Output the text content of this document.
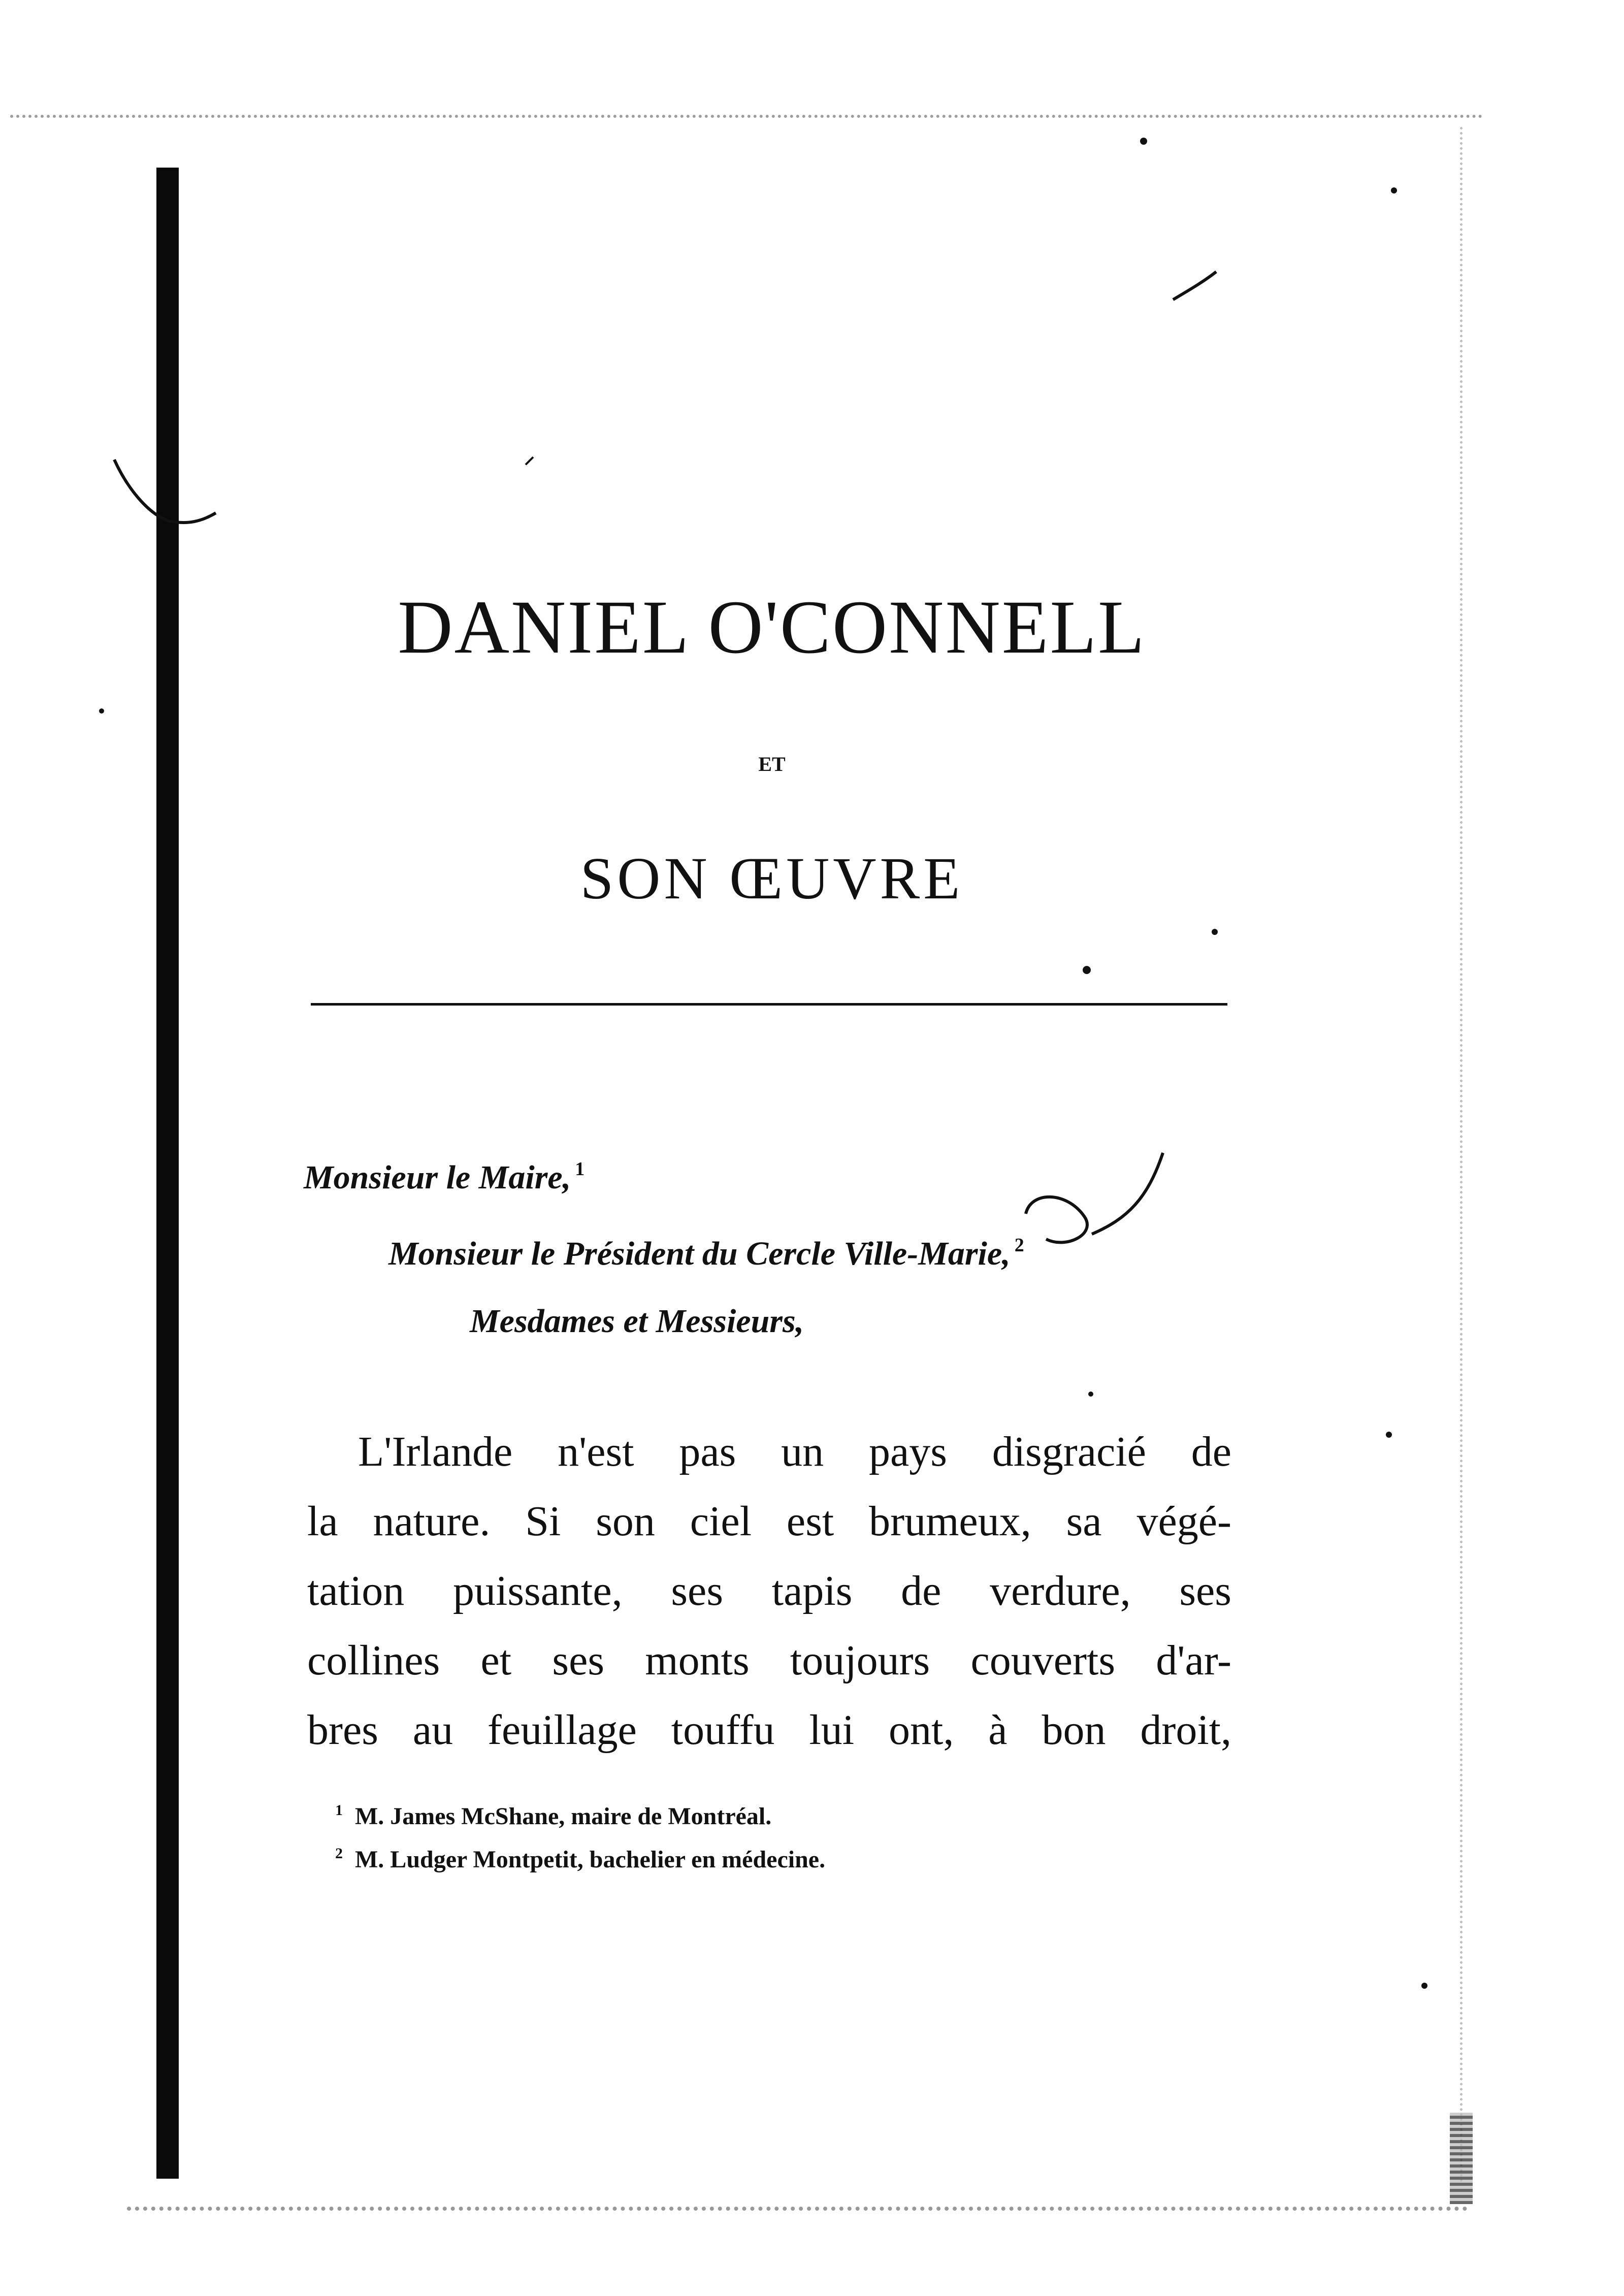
DANIEL O'CONNELL
ET
SON ŒUVRE
Monsieur le Maire, $^1$
Monsieur le Président du Cercle Ville-Marie, $^2$
Mesdames et Messieurs,

L'Irlande n'est pas un pays disgracié de
la nature. Si son ciel est brumeux, sa végé-
tation puissante, ses tapis de verdure, ses
collines et ses monts toujours couverts d'ar-
bres au feuillage touffu lui ont, à bon droit,

$^1$ M. James McShane, maire de Montréal.
$^2$ M. Ludger Montpetit, bachelier en médecine.
